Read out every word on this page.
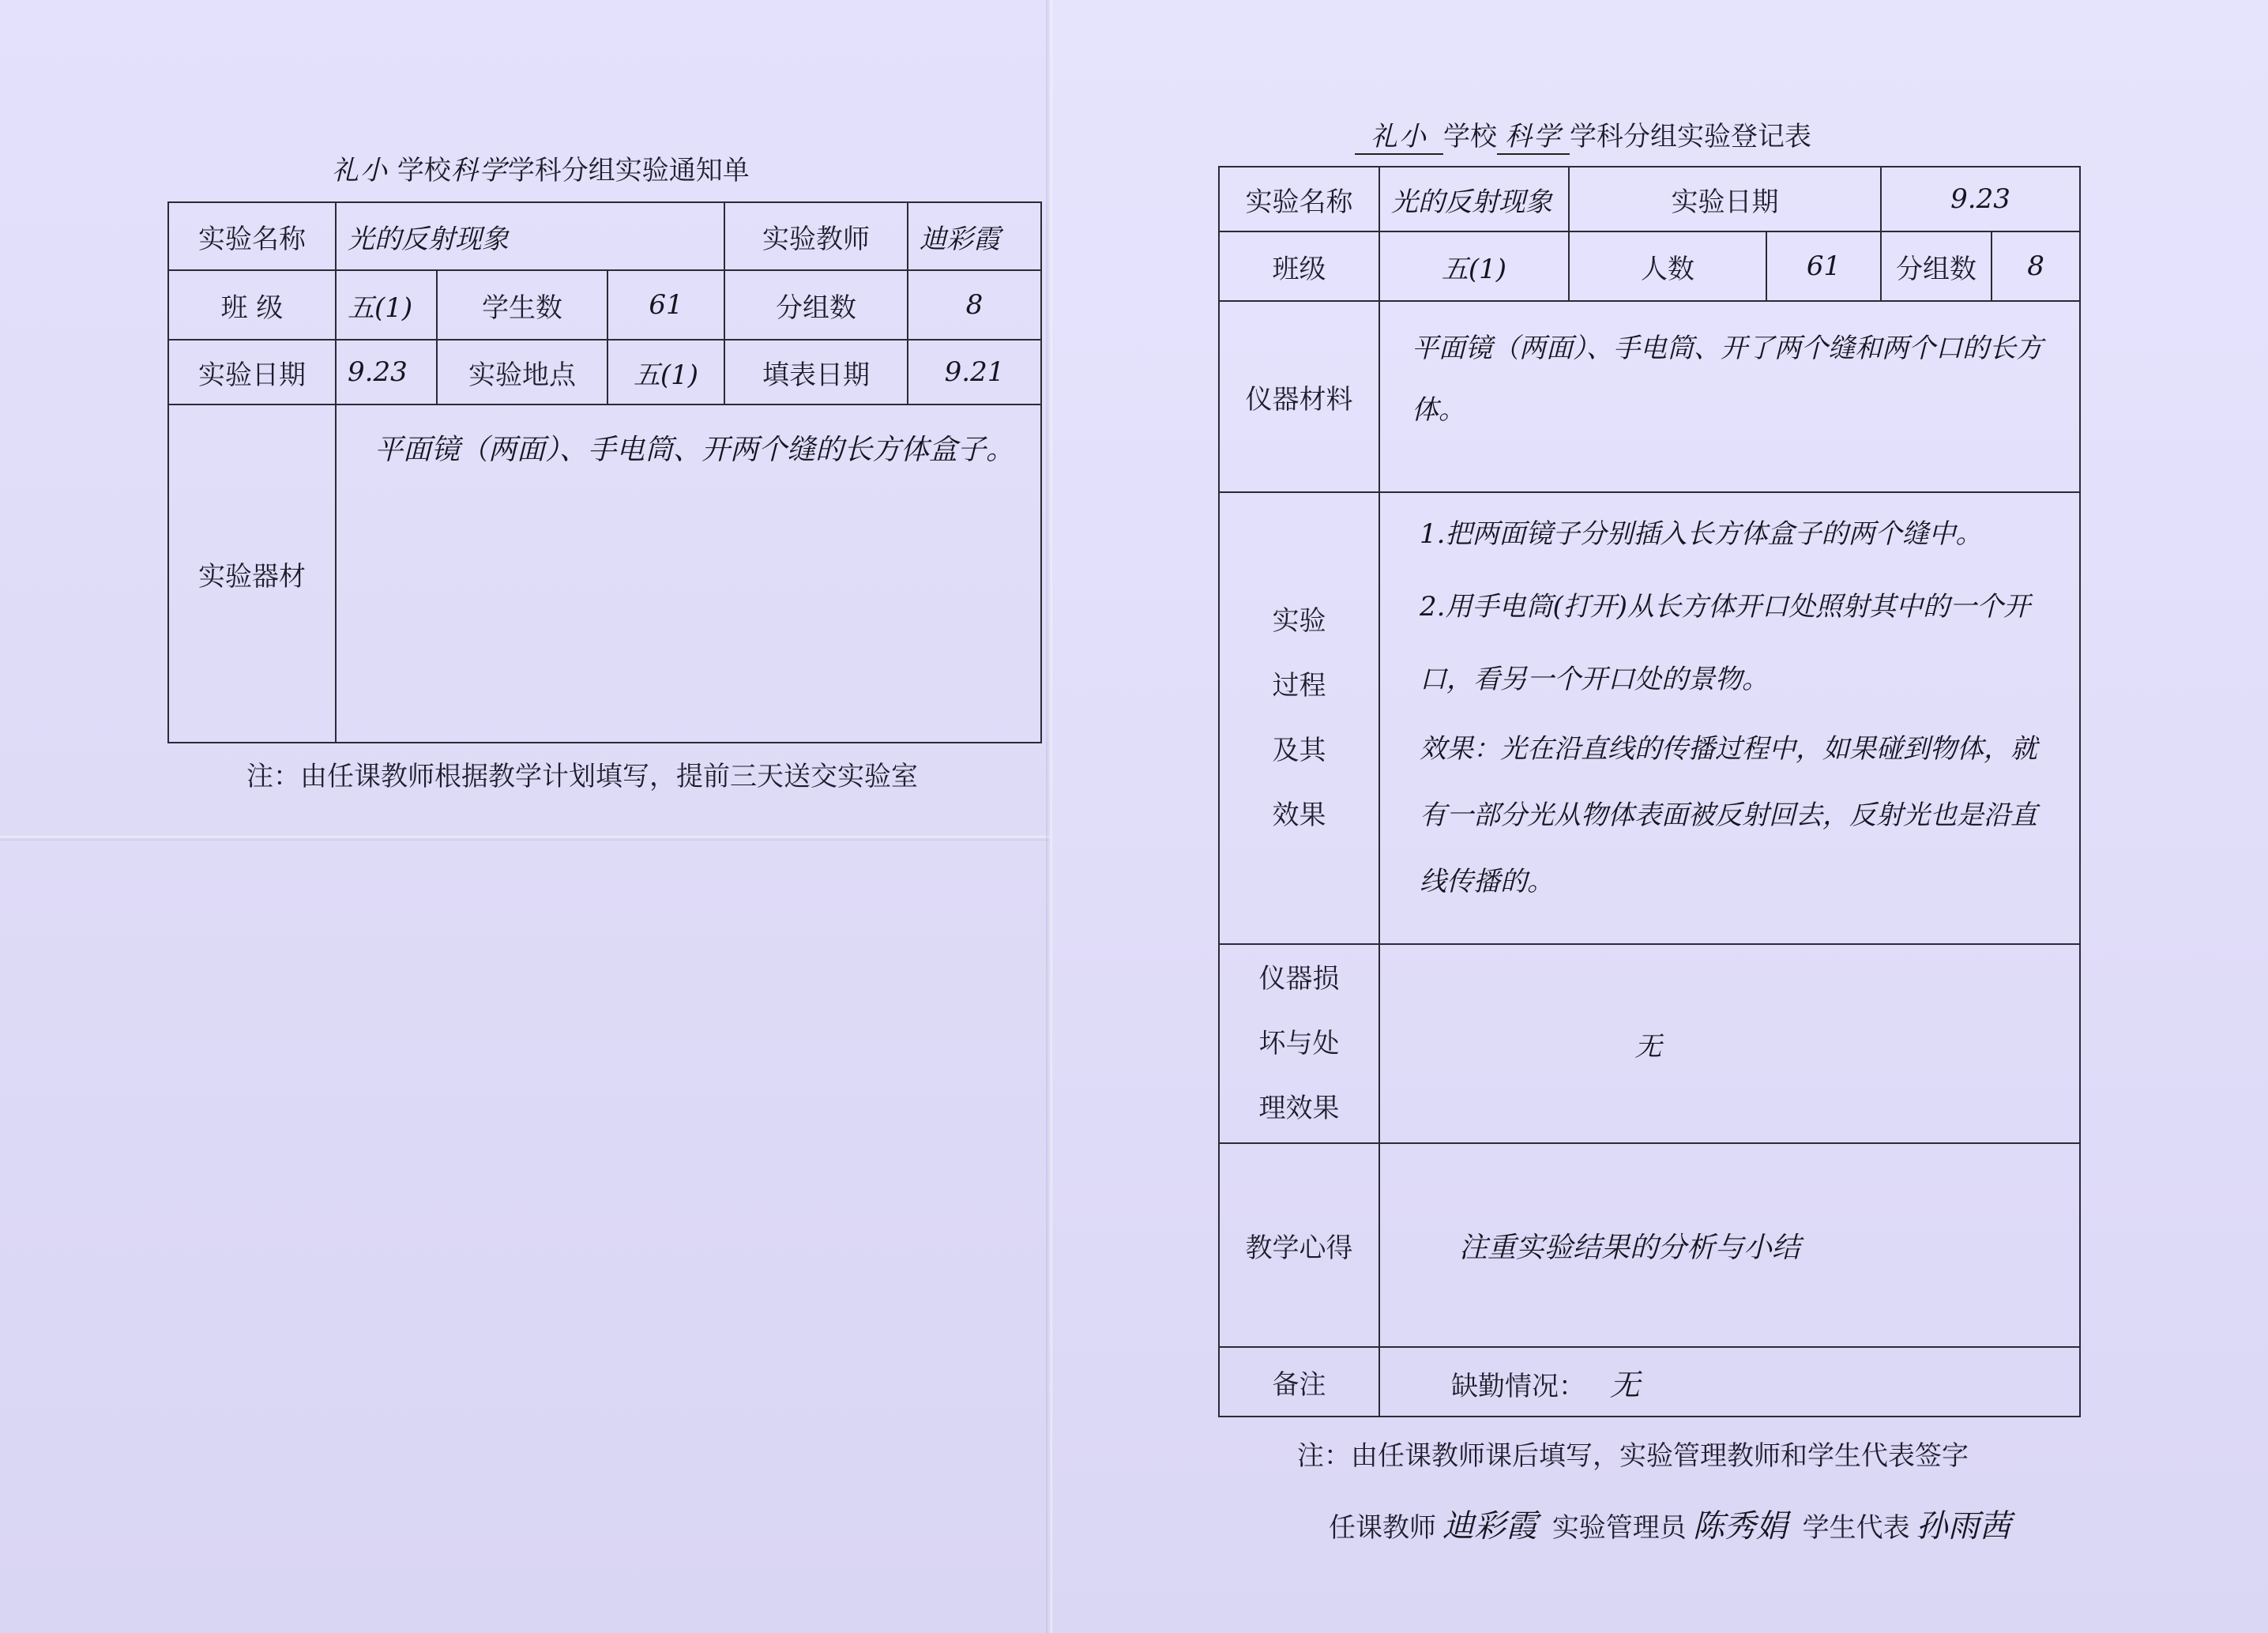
礼小 学校科学学科分组实验通知单
实验名称	光的反射现象			实验教师	迪彩霞
班 级	五(1)	学生数	61	分组数	8
实验日期	9.23	实验地点	五(1)	填表日期	9.21
实验器材	平面镜（两面）、手电筒、开两个缝的长方体盒子。				
注：由任课教师根据教学计划填写，提前三天送交实验室
礼小 学校 科学 学科分组实验登记表
实验名称	光的反射现象	实验日期		9.23	
班级	五(1)	人数	61	分组数	8
仪器材料	平面镜（两面）、手电筒、开了两个缝和两个口的长方体。				
实验过程及其效果	1.把两面镜子分别插入长方体盒子的两个缝中。

2.用手电筒(打开)从长方体开口处照射其中的一个开口，看另一个开口处的景物。

效果：光在沿直线的传播过程中，如果碰到物体，就有一部分光从物体表面被反射回去，反射光也是沿直线传播的。				

仪器损坏与处理效果	无				
教学心得	注重实验结果的分析与小结				
备注	缺勤情况： 无				
注：由任课教师课后填写，实验管理教师和学生代表签字
任课教师 迪彩霞 实验管理员 陈秀娟 学生代表 孙雨茜
